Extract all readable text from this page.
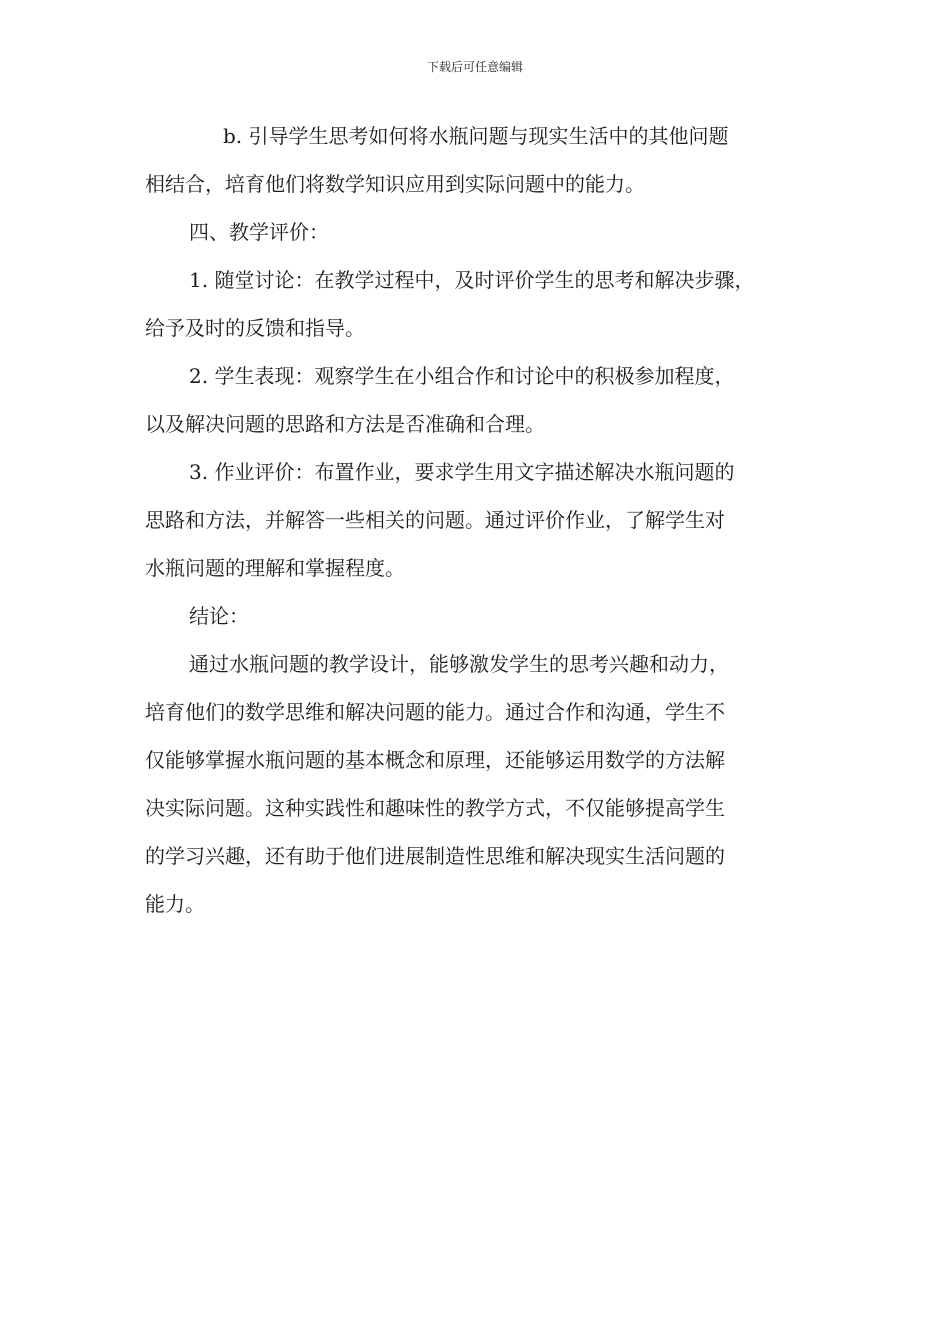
下载后可任意编辑

b. 引导学生思考如何将水瓶问题与现实生活中的其他问题

相结合，培育他们将数学知识应用到实际问题中的能力。

四、教学评价：

1. 随堂讨论：在教学过程中，及时评价学生的思考和解决步骤，

给予及时的反馈和指导。

2. 学生表现：观察学生在小组合作和讨论中的积极参加程度，

以及解决问题的思路和方法是否准确和合理。

3. 作业评价：布置作业，要求学生用文字描述解决水瓶问题的

思路和方法，并解答一些相关的问题。通过评价作业，了解学生对

水瓶问题的理解和掌握程度。

结论：

通过水瓶问题的教学设计，能够激发学生的思考兴趣和动力，

培育他们的数学思维和解决问题的能力。通过合作和沟通，学生不

仅能够掌握水瓶问题的基本概念和原理，还能够运用数学的方法解

决实际问题。这种实践性和趣味性的教学方式，不仅能够提高学生

的学习兴趣，还有助于他们进展制造性思维和解决现实生活问题的

能力。
